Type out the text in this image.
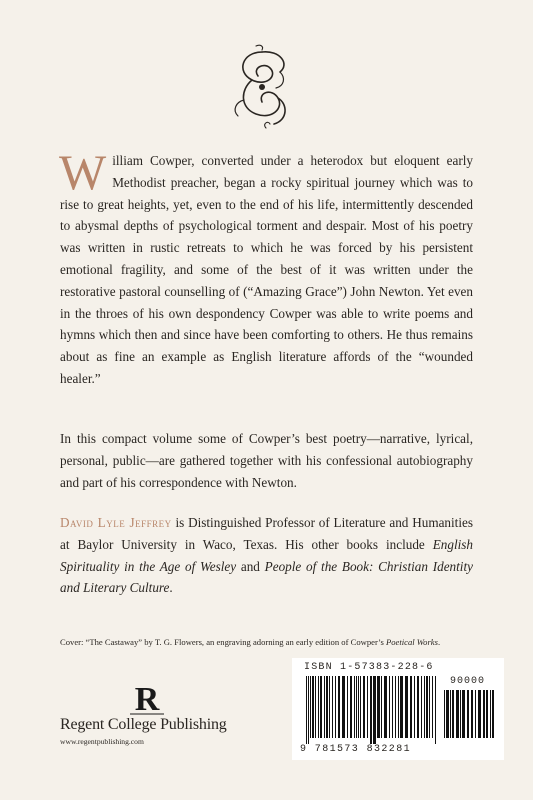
William Cowper, converted under a heterodox but eloquent early Methodist preacher, began a rocky spiritual journey which was to rise to great heights, yet, even to the end of his life, intermittently descended to abysmal depths of psychological torment and despair. Most of his poetry was written in rustic retreats to which he was forced by his persistent emotional fragility, and some of the best of it was written under the restorative pastoral counselling of (“Amazing Grace”) John Newton. Yet even in the throes of his own despondency Cowper was able to write poems and hymns which then and since have been comforting to others. He thus remains about as fine an example as English literature affords of the “wounded healer.”

In this compact volume some of Cowper’s best poetry—narrative, lyrical, personal, public—are gathered together with his confessional autobiography and part of his correspondence with Newton.

David Lyle Jeffrey is Distinguished Professor of Literature and Humanities at Baylor University in Waco, Texas. His other books include English Spirituality in the Age of Wesley and People of the Book: Christian Identity and Literary Culture.

Cover: “The Castaway” by T. G. Flowers, an engraving adorning an early edition of Cowper’s Poetical Works.

R
Regent College Publishing
www.regentpublishing.com
ISBN 1-57383-228-6
90000
9 781573 832281
